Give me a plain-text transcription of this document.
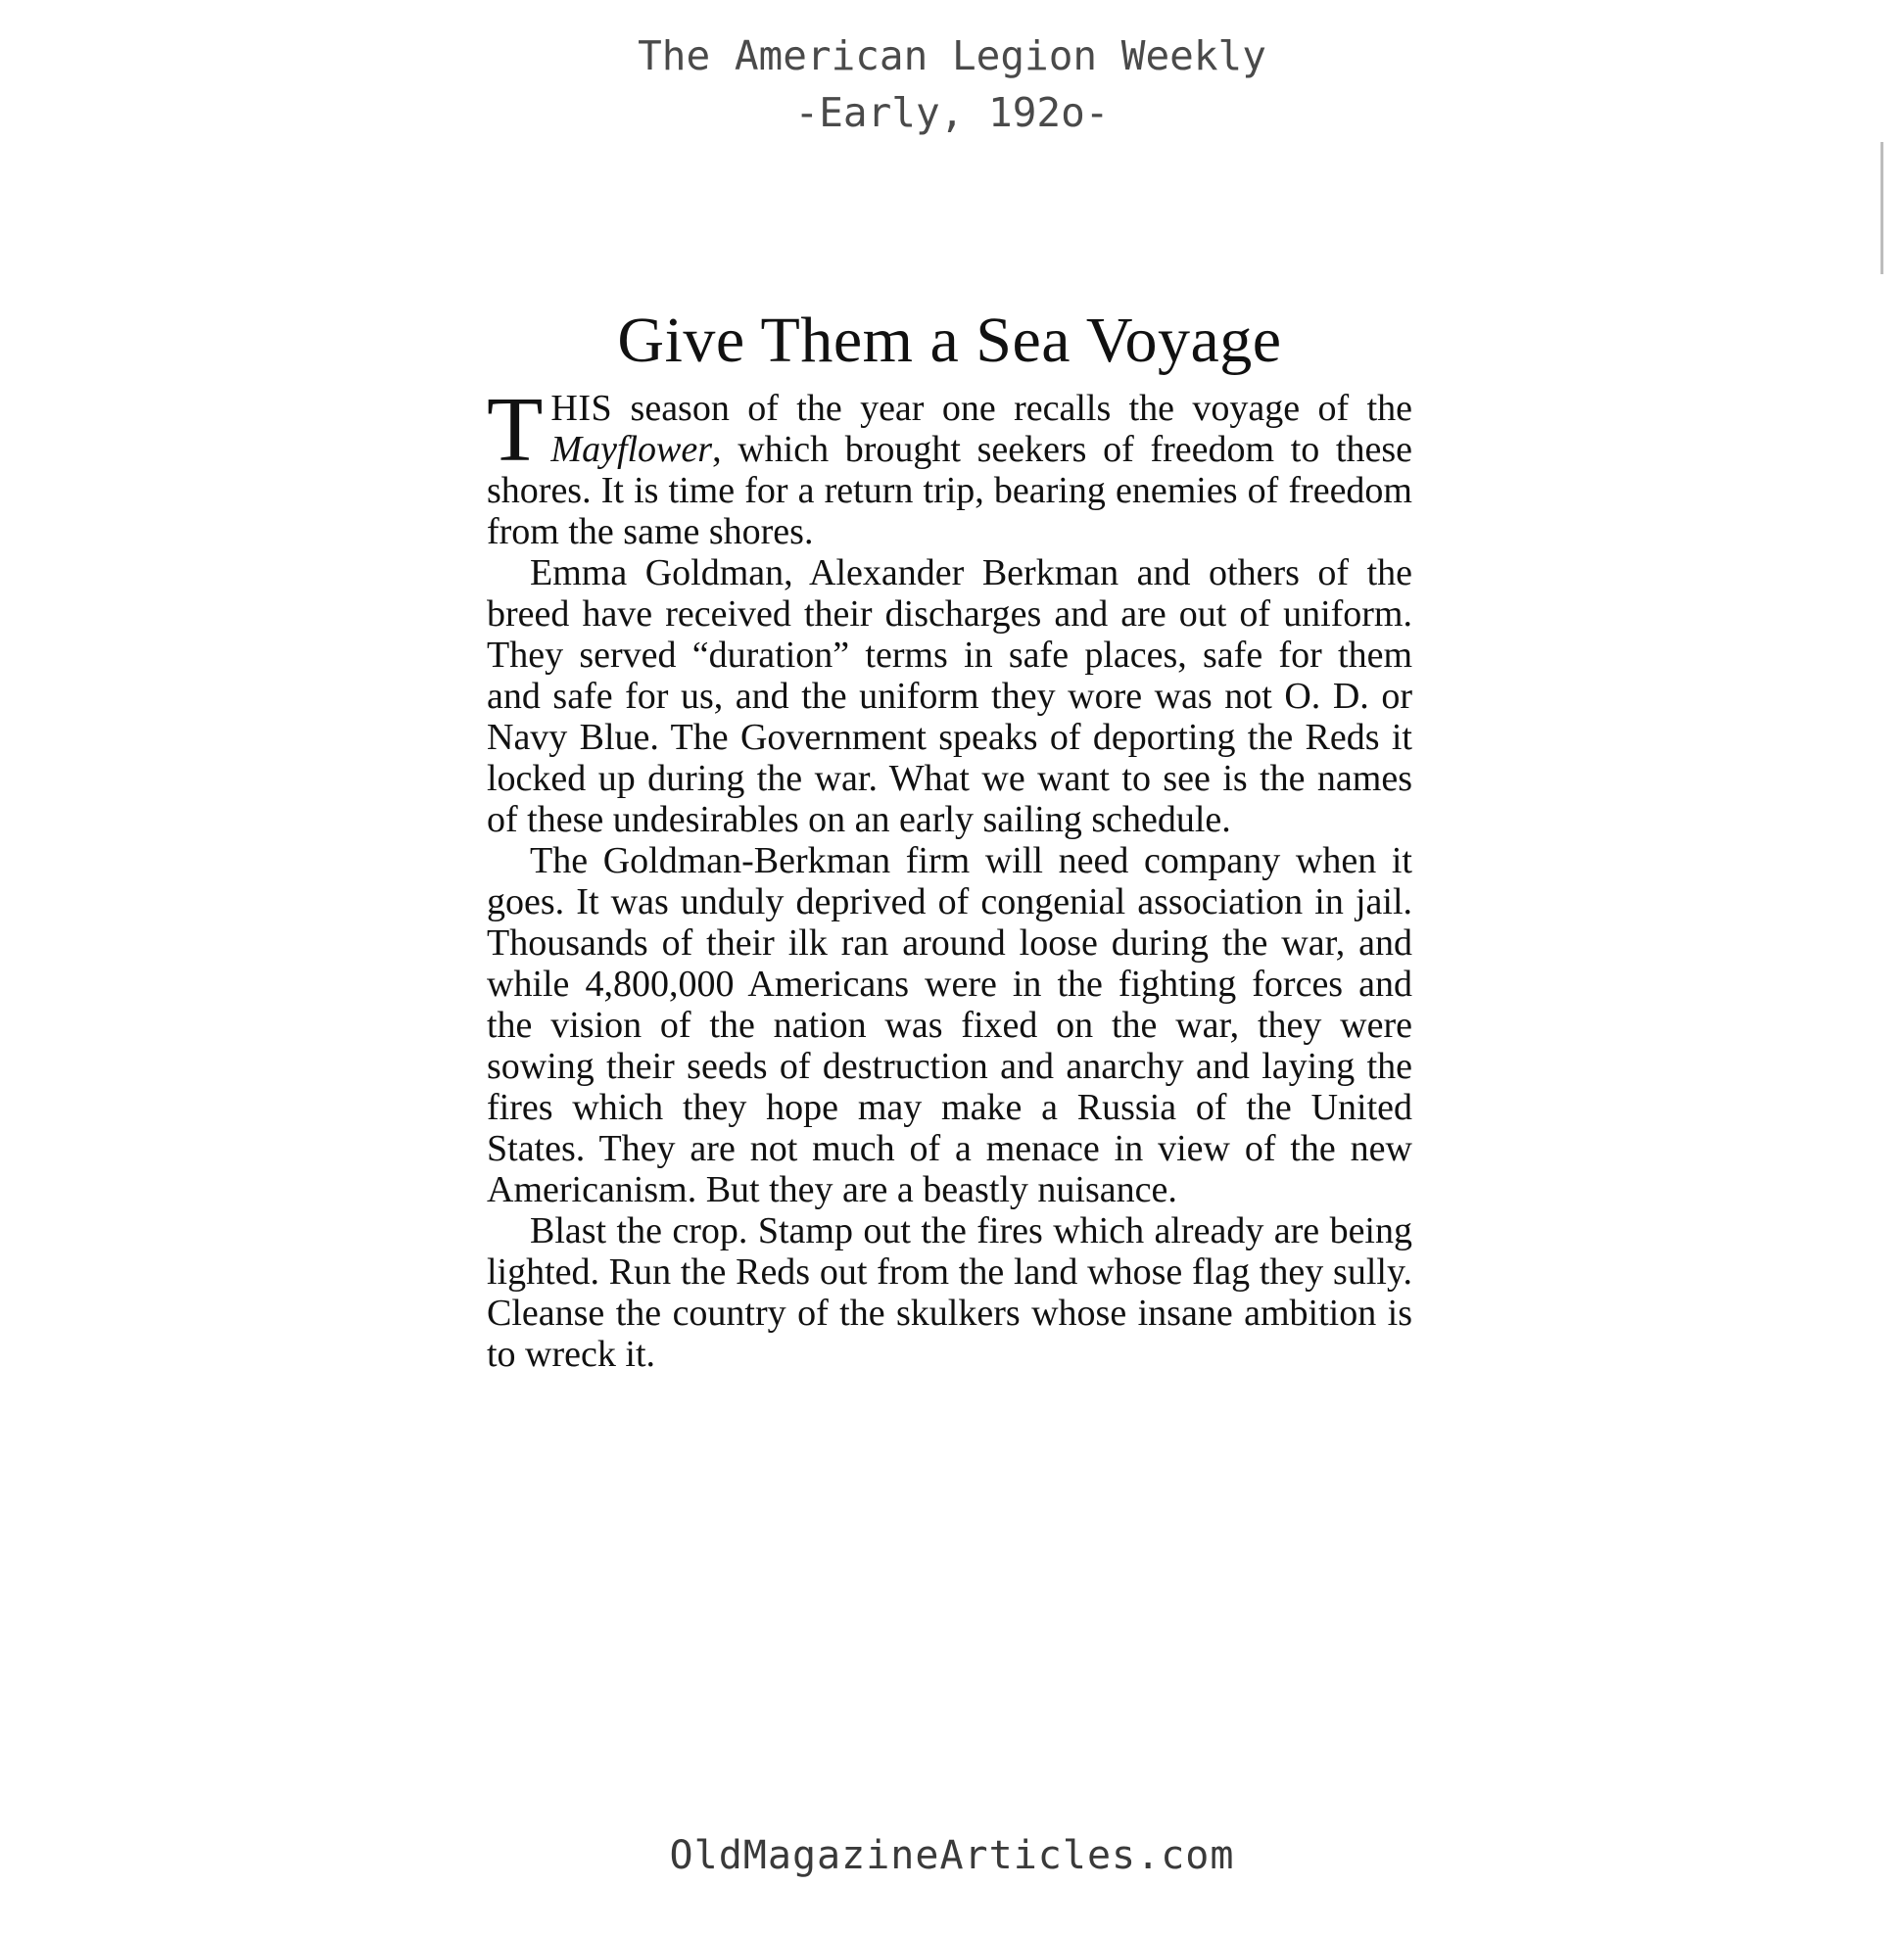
The American Legion Weekly
-Early, 192o-
Give Them a Sea Voyage

THIS season of the year one recalls the voyage of the Mayflower, which brought seekers of freedom to these shores. It is time for a return trip, bearing enemies of freedom from the same shores.

Emma Goldman, Alexander Berkman and others of the breed have received their discharges and are out of uniform. They served “duration” terms in safe places, safe for them and safe for us, and the uniform they wore was not O. D. or Navy Blue. The Government speaks of deporting the Reds it locked up during the war. What we want to see is the names of these undesirables on an early sailing schedule.

The Goldman-Berkman firm will need company when it goes. It was unduly deprived of congenial association in jail. Thousands of their ilk ran around loose during the war, and while 4,800,000 Americans were in the fighting forces and the vision of the nation was fixed on the war, they were sowing their seeds of destruction and anarchy and laying the fires which they hope may make a Russia of the United States. They are not much of a menace in view of the new Americanism. But they are a beastly nuisance.

Blast the crop. Stamp out the fires which already are being lighted. Run the Reds out from the land whose flag they sully. Cleanse the country of the skulkers whose insane ambition is to wreck it.

OldMagazineArticles.com
